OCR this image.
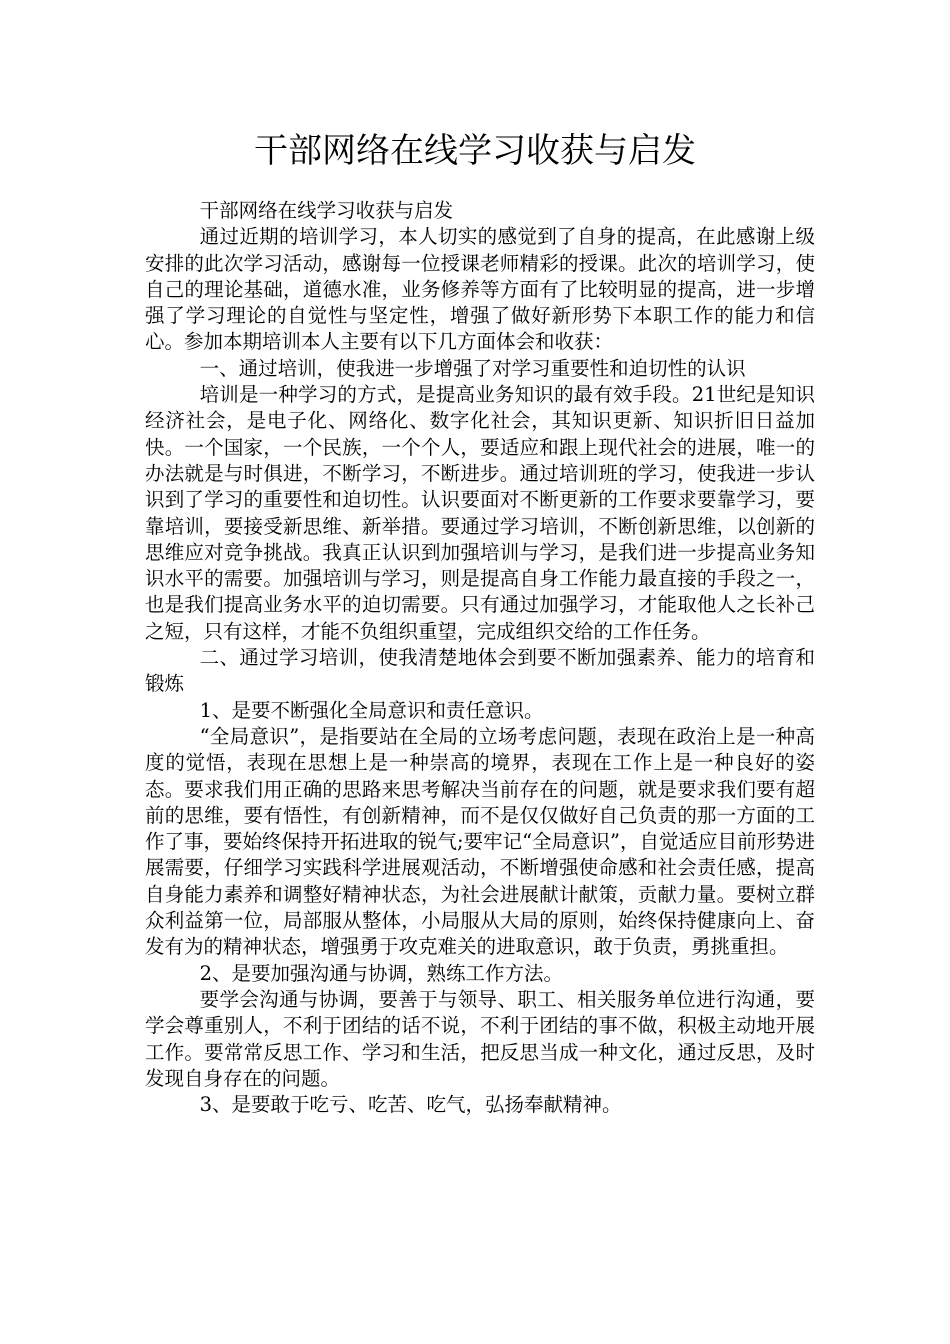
干部网络在线学习收获与启发

干部网络在线学习收获与启发

通过近期的培训学习，本人切实的感觉到了自身的提高，在此感谢上级安排的此次学习活动，感谢每一位授课老师精彩的授课。此次的培训学习，使自己的理论基础，道德水准，业务修养等方面有了比较明显的提高，进一步增强了学习理论的自觉性与坚定性，增强了做好新形势下本职工作的能力和信心。参加本期培训本人主要有以下几方面体会和收获：

一、通过培训，使我进一步增强了对学习重要性和迫切性的认识

培训是一种学习的方式，是提高业务知识的最有效手段。21世纪是知识经济社会，是电子化、网络化、数字化社会，其知识更新、知识折旧日益加快。一个国家，一个民族，一个个人，要适应和跟上现代社会的进展，唯一的办法就是与时俱进，不断学习，不断进步。通过培训班的学习，使我进一步认识到了学习的重要性和迫切性。认识要面对不断更新的工作要求要靠学习，要靠培训，要接受新思维、新举措。要通过学习培训，不断创新思维，以创新的思维应对竞争挑战。我真正认识到加强培训与学习，是我们进一步提高业务知识水平的需要。加强培训与学习，则是提高自身工作能力最直接的手段之一，也是我们提高业务水平的迫切需要。只有通过加强学习，才能取他人之长补己之短，只有这样，才能不负组织重望，完成组织交给的工作任务。

二、通过学习培训，使我清楚地体会到要不断加强素养、能力的培育和锻炼

1、是要不断强化全局意识和责任意识。

“全局意识”，是指要站在全局的立场考虑问题，表现在政治上是一种高度的觉悟，表现在思想上是一种崇高的境界，表现在工作上是一种良好的姿态。要求我们用正确的思路来思考解决当前存在的问题，就是要求我们要有超前的思维，要有悟性，有创新精神，而不是仅仅做好自己负责的那一方面的工作了事，要始终保持开拓进取的锐气;要牢记“全局意识”，自觉适应目前形势进展需要，仔细学习实践科学进展观活动，不断增强使命感和社会责任感，提高自身能力素养和调整好精神状态，为社会进展献计献策，贡献力量。要树立群众利益第一位，局部服从整体，小局服从大局的原则，始终保持健康向上、奋发有为的精神状态，增强勇于攻克难关的进取意识，敢于负责，勇挑重担。

2、是要加强沟通与协调，熟练工作方法。

要学会沟通与协调，要善于与领导、职工、相关服务单位进行沟通，要学会尊重别人，不利于团结的话不说，不利于团结的事不做，积极主动地开展工作。要常常反思工作、学习和生活，把反思当成一种文化，通过反思，及时发现自身存在的问题。

3、是要敢于吃亏、吃苦、吃气，弘扬奉献精神。
